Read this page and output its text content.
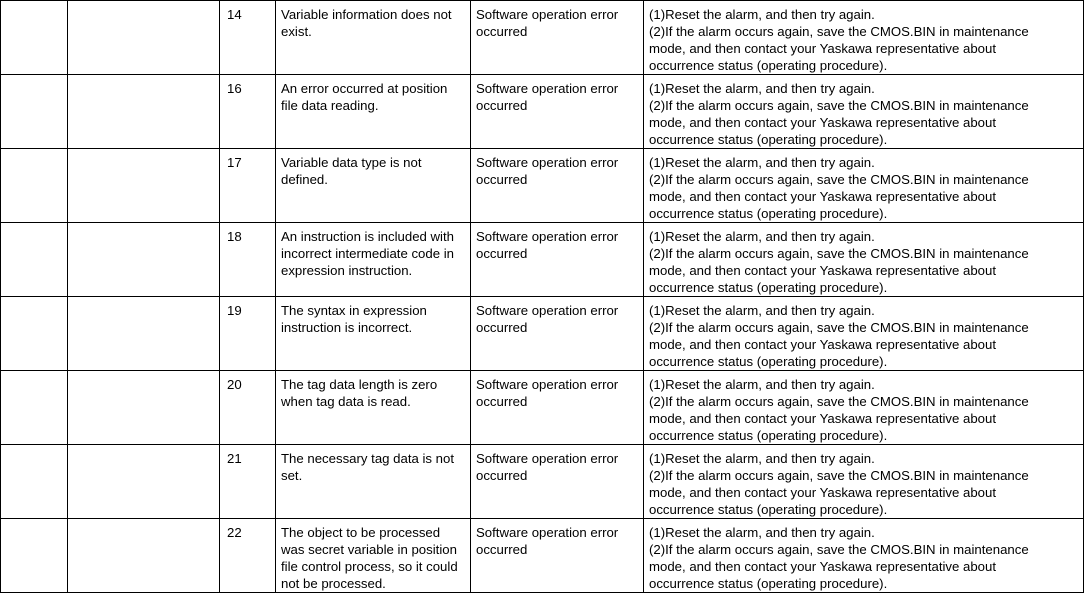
		14	Variable information does not
exist.	Software operation error
occurred	(1)Reset the alarm, and then try again.
(2)If the alarm occurs again, save the CMOS.BIN in maintenance
mode, and then contact your Yaskawa representative about
occurrence status (operating procedure).

		16	An error occurred at position
file data reading.	Software operation error
occurred	(1)Reset the alarm, and then try again.
(2)If the alarm occurs again, save the CMOS.BIN in maintenance
mode, and then contact your Yaskawa representative about
occurrence status (operating procedure).

		17	Variable data type is not
defined.	Software operation error
occurred	(1)Reset the alarm, and then try again.
(2)If the alarm occurs again, save the CMOS.BIN in maintenance
mode, and then contact your Yaskawa representative about
occurrence status (operating procedure).

		18	An instruction is included with
incorrect intermediate code in
expression instruction.	Software operation error
occurred	(1)Reset the alarm, and then try again.
(2)If the alarm occurs again, save the CMOS.BIN in maintenance
mode, and then contact your Yaskawa representative about
occurrence status (operating procedure).

		19	The syntax in expression
instruction is incorrect.	Software operation error
occurred	(1)Reset the alarm, and then try again.
(2)If the alarm occurs again, save the CMOS.BIN in maintenance
mode, and then contact your Yaskawa representative about
occurrence status (operating procedure).

		20	The tag data length is zero
when tag data is read.	Software operation error
occurred	(1)Reset the alarm, and then try again.
(2)If the alarm occurs again, save the CMOS.BIN in maintenance
mode, and then contact your Yaskawa representative about
occurrence status (operating procedure).

		21	The necessary tag data is not
set.	Software operation error
occurred	(1)Reset the alarm, and then try again.
(2)If the alarm occurs again, save the CMOS.BIN in maintenance
mode, and then contact your Yaskawa representative about
occurrence status (operating procedure).

		22	The object to be processed
was secret variable in position
file control process, so it could
not be processed.	Software operation error
occurred	(1)Reset the alarm, and then try again.
(2)If the alarm occurs again, save the CMOS.BIN in maintenance
mode, and then contact your Yaskawa representative about
occurrence status (operating procedure).
